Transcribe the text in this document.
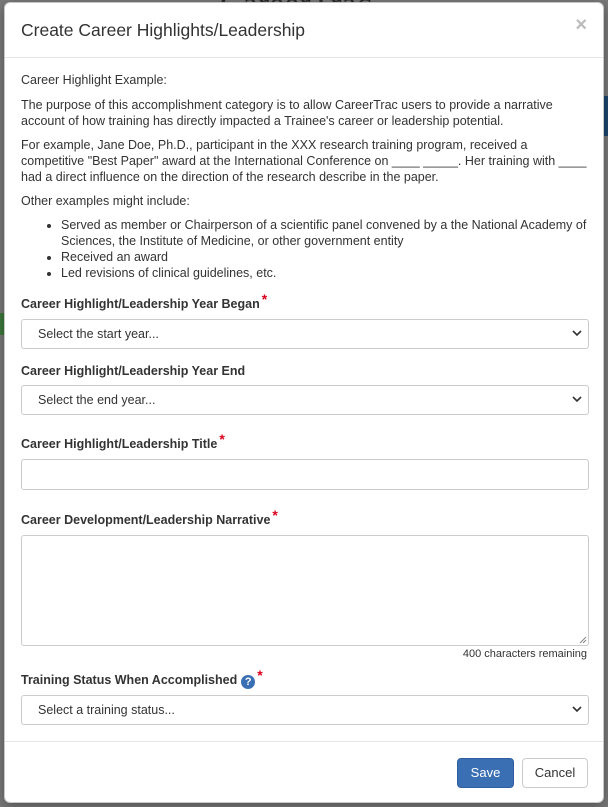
Create Career Highlights/Leadership	×

Career Highlight Example:

The purpose of this accomplishment category is to allow CareerTrac users to provide a narrative account of how training has directly impacted a Trainee's career or leadership potential.

For example, Jane Doe, Ph.D., participant in the XXX research training program, received a competitive "Best Paper" award at the International Conference on ____ _____. Her training with ____ had a direct influence on the direction of the research describe in the paper.

Other examples might include:

• Served as member or Chairperson of a scientific panel convened by a the National Academy of Sciences, the Institute of Medicine, or other government entity
• Received an award
• Led revisions of clinical guidelines, etc.
Career Highlight/Leadership Year Began *
Select the start year...
Career Highlight/Leadership Year End
Select the end year...
Career Highlight/Leadership Title *
Career Development/Leadership Narrative *
400 characters remaining
Training Status When Accomplished ? *
Select a training status...
Save	Cancel
